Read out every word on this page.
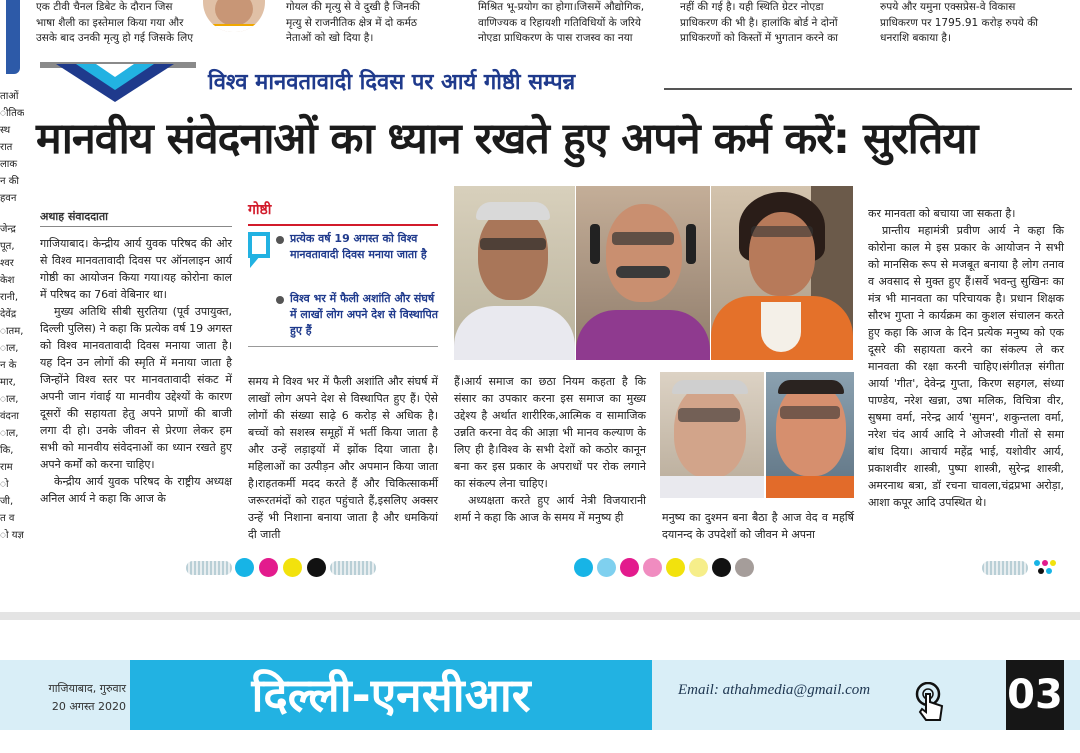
एक टीवी चैनल डिबेट के दौरान जिस
भाषा शैली का इस्तेमाल किया गया और
उसके बाद उनकी मृत्यु हो गई जिसके लिए
गोयल की मृत्यु से वे दुखी है जिनकी
मृत्यु से राजनीतिक क्षेत्र में दो कर्मठ
नेताओं को खो दिया है।
मिश्रित भू-प्रयोग का होगा।जिसमें औद्योगिक,
वाणिज्यक व रिहायशी गतिविधियों के जरिये
नोएडा प्राधिकरण के पास राजस्व का नया
नहीं की गई है। यही स्थिति ग्रेटर नोएडा
प्राधिकरण की भी है। हालांकि बोर्ड ने दोनों
प्राधिकरणों को किस्तों में भुगतान करने का
रुपये और यमुना एक्सप्रेस-वे विकास
प्राधिकरण पर 1795.91 करोड़ रुपये की
धनराशि बकाया है।
ताओं
ीतिक
स्थ
रात
लाक
न की
हवन
जेन्द्र
पूत,
श्वर
केश
रानी,
देवेंद्र
ातम,
ाल,
न के
मार,
ाल,
वंदना
ाल,
कि,
राम
ो जी,
त व
ो यज्ञ
विश्व मानवतावादी दिवस पर आर्य गोष्ठी सम्पन्न
मानवीय संवेदनाओं का ध्यान रखते हुए अपने कर्म करें: सुरतिया
अथाह संवाददाता

गाजियाबाद। केन्द्रीय आर्य युवक परिषद की ओर से विश्व मानवतावादी दिवस पर ऑनलाइन आर्य गोष्ठी का आयोजन किया गया।यह कोरोना काल में परिषद का 76वां वेबिनार था।

मुख्य अतिथि सीबी सुरतिया (पूर्व उपायुक्त, दिल्ली पुलिस) ने कहा कि प्रत्येक वर्ष 19 अगस्त को विश्व मानवतावादी दिवस मनाया जाता है। यह दिन उन लोगों की स्मृति में मनाया जाता है जिन्होंने विश्व स्तर पर मानवतावादी संकट में अपनी जान गंवाई या मानवीय उद्देश्यों के कारण दूसरों की सहायता हेतु अपने प्राणों की बाजी लगा दी हो। उनके जीवन से प्रेरणा लेकर हम सभी को मानवीय संवेदनाओं का ध्यान रखते हुए अपने कर्मों को करना चाहिए।

केन्द्रीय आर्य युवक परिषद के राष्ट्रीय अध्यक्ष अनिल आर्य ने कहा कि आज के

गोष्ठी
प्रत्येक वर्ष 19 अगस्त को विश्व मानवतावादी दिवस मनाया जाता है
विश्व भर में फैली अशांति और संघर्ष में लाखों लोग अपने देश से विस्थापित हुए हैं

समय मे विश्व भर में फैली अशांति और संघर्ष में लाखों लोग अपने देश से विस्थापित हुए हैं। ऐसे लोगों की संख्या साढ़े 6 करोड़ से अधिक है। बच्चों को सशस्त्र समूहों में भर्ती किया जाता है और उन्हें लड़ाइयों में झोंक दिया जाता है। महिलाओं का उत्पीड़न और अपमान किया जाता है।राहतकर्मी मदद करते हैं और चिकित्साकर्मी जरूरतमंदों को राहत पहुंचाते हैं,इसलिए अक्सर उन्हें भी निशाना बनाया जाता है और धमकियां दी जाती

हैं।आर्य समाज का छठा नियम कहता है कि संसार का उपकार करना इस समाज का मुख्य उद्देश्य है अर्थात शारीरिक,आत्मिक व सामाजिक उन्नति करना वेद की आज्ञा भी मानव कल्याण के लिए ही है।विश्व के सभी देशों को कठोर कानून बना कर इस प्रकार के अपराधों पर रोक लगाने का संकल्प लेना चाहिए।

अध्यक्षता करते हुए आर्य नेत्री विजयारानी शर्मा ने कहा कि आज के समय में मनुष्य ही	मनुष्य का दुश्मन बना बैठा है आज वेद व महर्षि दयानन्द के उपदेशों को जीवन मे अपना

कर मानवता को बचाया जा सकता है।

प्रान्तीय महामंत्री प्रवीण आर्य ने कहा कि कोरोना काल मे इस प्रकार के आयोजन ने सभी को मानसिक रूप से मजबूत बनाया है लोग तनाव व अवसाद से मुक्त हुए हैं।सर्वे भवन्तु सुखिनः का मंत्र भी मानवता का परिचायक है। प्रधान शिक्षक सौरभ गुप्ता ने कार्यक्रम का कुशल संचालन करते हुए कहा कि आज के दिन प्रत्येक मनुष्य को एक दूसरे की सहायता करने का संकल्प ले कर मानवता की रक्षा करनी चाहिए।संगीतज्ञ संगीता आर्या 'गीत', देवेन्द्र गुप्ता, किरण सहगल, संध्या पाण्डेय, नरेश खन्ना, उषा मलिक, विचित्रा वीर, सुषमा वर्मा, नरेन्द्र आर्य 'सुमन', शकुन्तला वर्मा, नरेश चंद आर्य आदि ने ओजस्वी गीतों से समा बांध दिया। आचार्य महेंद्र भाई, यशोवीर आर्य, प्रकाशवीर शास्त्री, पुष्पा शास्त्री, सुरेन्द्र शास्त्री, अमरनाथ बत्रा, डॉ रचना चावला,चंद्रप्रभा अरोड़ा, आशा कपूर आदि उपस्थित थे।

गाजियाबाद, गुरुवार
20 अगस्त 2020	दिल्ली-एनसीआर	Email: athahmedia@gmail.com	03
